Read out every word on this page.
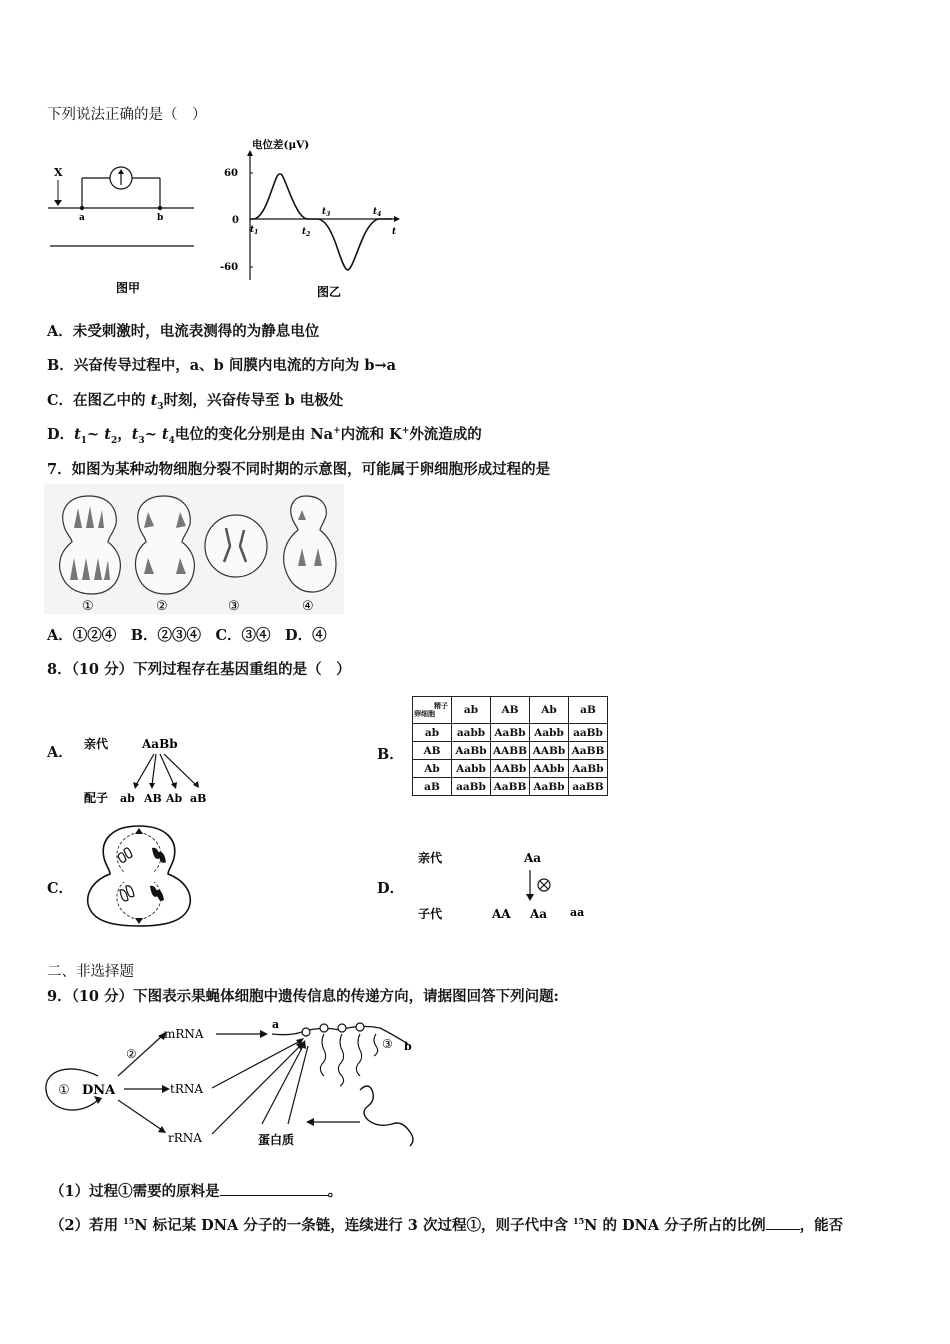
下列说法正确的是（　）
X
a	b
图甲
电位差(μV)
60
0
-60
$t_1$	$t_2$
$t_3$	$t_4$
t
图乙
A．未受刺激时，电流表测得的为静息电位
B．兴奋传导过程中，a、b 间膜内电流的方向为 b→a
C．在图乙中的 $t_3$时刻，兴奋传导至 b 电极处
D．$t_1\sim$ $t_2$，$t_3\sim$ $t_4$电位的变化分别是由 Na+内流和 K+外流造成的
7．如图为某种动物细胞分裂不同时期的示意图，可能属于卵细胞形成过程的是
①	②	③	④
A．①②④　B．②③④　C．③④　D．④
8．（10 分）下列过程存在基因重组的是（　）
A． 亲代	AaBb
配子 ab AB Ab aB
B．
精子
卵细胞	ab	AB	Ab	aB
ab	aabb	AaBb	Aabb	aaBb
AB	AaBb	AABB	AABb	AaBB
Ab	Aabb	AABb	AAbb	AaBb
aB	aaBb	AaBB	AaBb	aaBB
C．	D．
亲代	Aa
子代	AA Aa aa
二、非选择题
9．（10 分）下图表示果蝇体细胞中遗传信息的传递方向，请据图回答下列问题:
① DNA
②
mRNA
tRNA
rRNA	蛋白质
a
③ b
（1）过程①需要的原料是	。
（2）若用 $^{15}$N 标记某 DNA 分子的一条链，连续进行 3 次过程①，则子代中含 $^{15}$N 的 DNA 分子所占的比例 ，能否
